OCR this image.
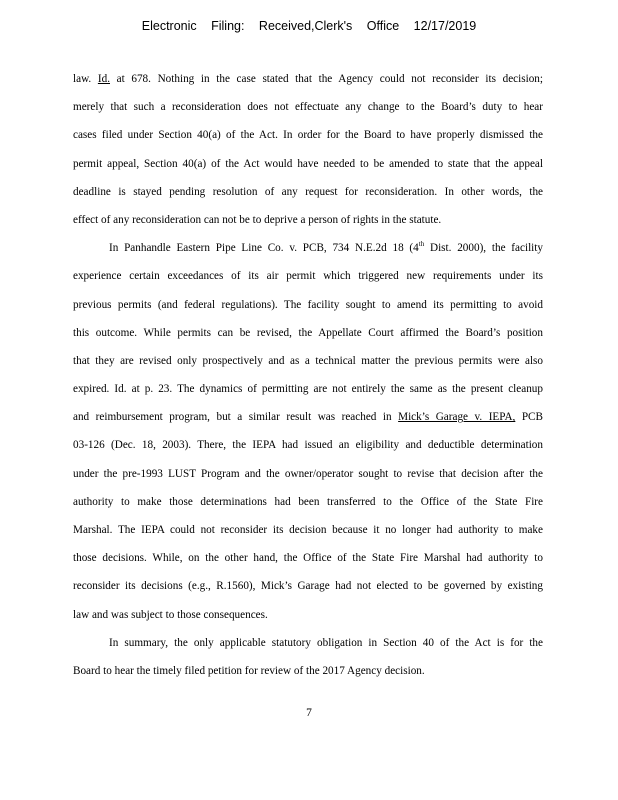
Electronic Filing: Received,Clerk's Office 12/17/2019
law. Id. at 678. Nothing in the case stated that the Agency could not reconsider its decision;
merely that such a reconsideration does not effectuate any change to the Board’s duty to hear
cases filed under Section 40(a) of the Act. In order for the Board to have properly dismissed the
permit appeal, Section 40(a) of the Act would have needed to be amended to state that the appeal
deadline is stayed pending resolution of any request for reconsideration. In other words, the
effect of any reconsideration can not be to deprive a person of rights in the statute.
In Panhandle Eastern Pipe Line Co. v. PCB, 734 N.E.2d 18 (4th Dist. 2000), the facility
experience certain exceedances of its air permit which triggered new requirements under its
previous permits (and federal regulations). The facility sought to amend its permitting to avoid
this outcome. While permits can be revised, the Appellate Court affirmed the Board’s position
that they are revised only prospectively and as a technical matter the previous permits were also
expired. Id. at p. 23. The dynamics of permitting are not entirely the same as the present cleanup
and reimbursement program, but a similar result was reached in Mick’s Garage v. IEPA, PCB
03-126 (Dec. 18, 2003). There, the IEPA had issued an eligibility and deductible determination
under the pre-1993 LUST Program and the owner/operator sought to revise that decision after the
authority to make those determinations had been transferred to the Office of the State Fire
Marshal. The IEPA could not reconsider its decision because it no longer had authority to make
those decisions. While, on the other hand, the Office of the State Fire Marshal had authority to
reconsider its decisions (e.g., R.1560), Mick’s Garage had not elected to be governed by existing
law and was subject to those consequences.
In summary, the only applicable statutory obligation in Section 40 of the Act is for the
Board to hear the timely filed petition for review of the 2017 Agency decision.
7
